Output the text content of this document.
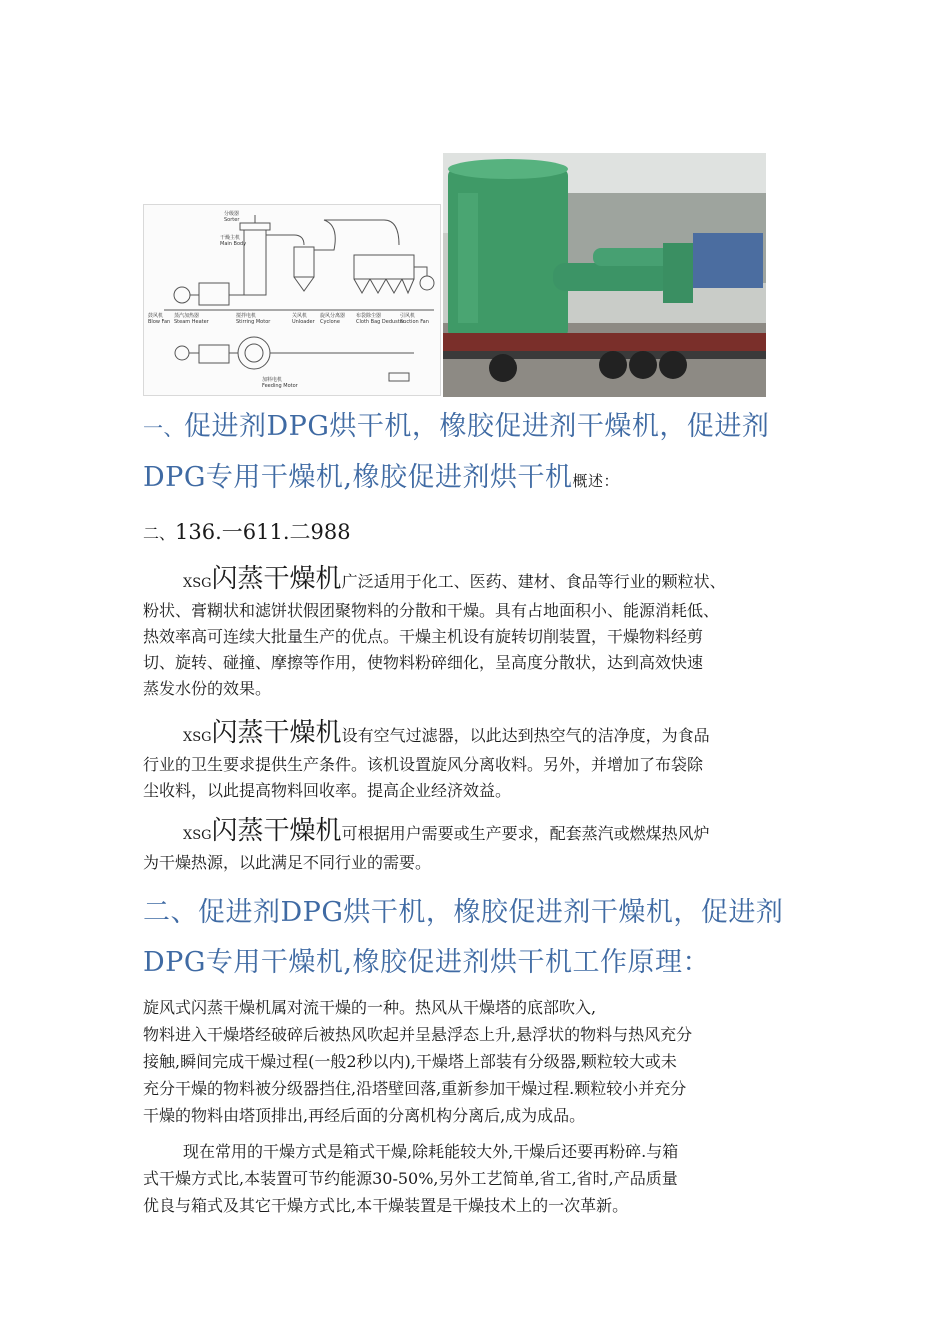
分级器
Sorter
干燥主机
Main Body
鼓风机
Blow Fan
蒸汽加热器
Steam Heater
搅拌电机
Stirring Motor
关风机
Unloader
旋风分离器
Cyclone
布袋除尘器
Cloth Bag Deduster
引风机
Suction Fan
加料电机
Feeding Motor
一、促进剂DPG烘干机，橡胶促进剂干燥机，促进剂
DPG专用干燥机,橡胶促进剂烘干机概述：
二、136.一611.二988
XSG闪蒸干燥机广泛适用于化工、医药、建材、食品等行业的颗粒状、
粉状、膏糊状和滤饼状假团聚物料的分散和干燥。具有占地面积小、能源消耗低、
热效率高可连续大批量生产的优点。干燥主机设有旋转切削装置，干燥物料经剪
切、旋转、碰撞、摩擦等作用，使物料粉碎细化，呈高度分散状，达到高效快速
蒸发水份的效果。
XSG闪蒸干燥机设有空气过滤器，以此达到热空气的洁净度，为食品
行业的卫生要求提供生产条件。该机设置旋风分离收料。另外，并增加了布袋除
尘收料，以此提高物料回收率。提高企业经济效益。
XSG闪蒸干燥机可根据用户需要或生产要求，配套蒸汽或燃煤热风炉
为干燥热源，以此满足不同行业的需要。
二、促进剂DPG烘干机，橡胶促进剂干燥机，促进剂
DPG专用干燥机,橡胶促进剂烘干机工作原理：
旋风式闪蒸干燥机属对流干燥的一种。热风从干燥塔的底部吹入,
物料进入干燥塔经破碎后被热风吹起并呈悬浮态上升,悬浮状的物料与热风充分
接触,瞬间完成干燥过程(一般2秒以内),干燥塔上部装有分级器,颗粒较大或未
充分干燥的物料被分级器挡住,沿塔壁回落,重新参加干燥过程.颗粒较小并充分
干燥的物料由塔顶排出,再经后面的分离机构分离后,成为成品。
现在常用的干燥方式是箱式干燥,除耗能较大外,干燥后还要再粉碎.与箱
式干燥方式比,本装置可节约能源30-50%,另外工艺简单,省工,省时,产品质量
优良与箱式及其它干燥方式比,本干燥装置是干燥技术上的一次革新。
